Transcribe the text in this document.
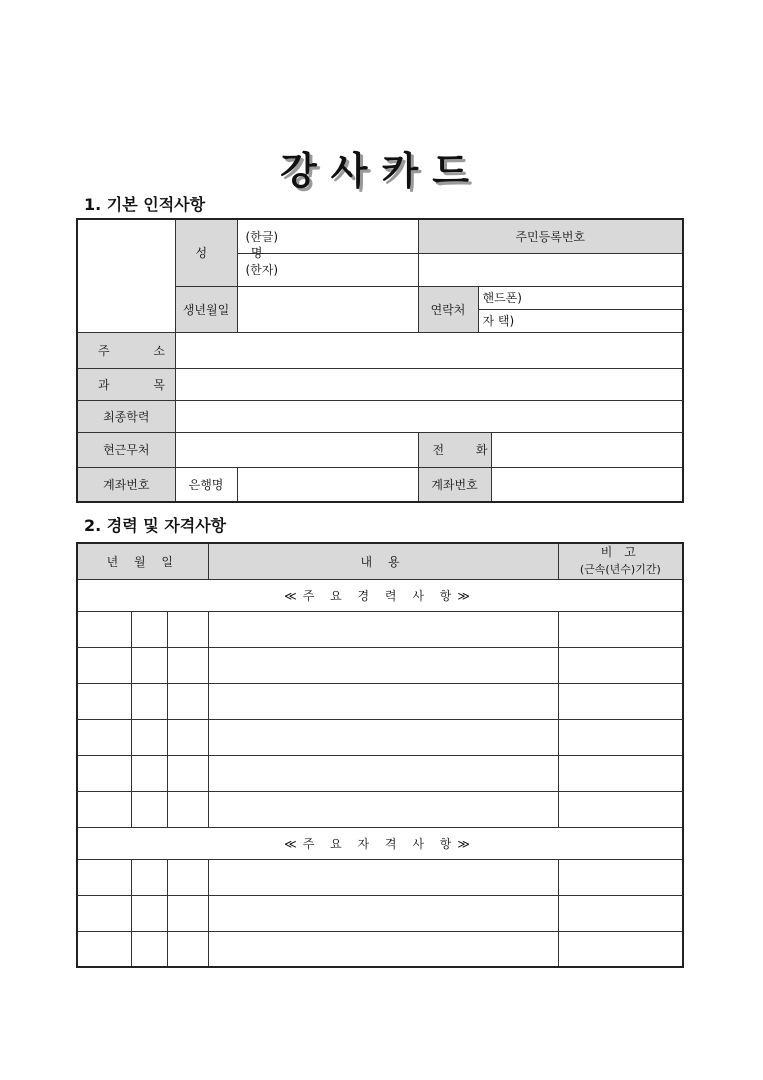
강사카드
1. 기본 인적사항
	성 명	(한글)	주민등록번호		
		(한자)			
	생년월일		연락처	핸드폰)	
				자 택)	
주 소					
과 목					
최종학력					
현근무처			전 화		
계좌번호	은행명		계좌번호		
2. 경력 및 자격사항
년 월 일			내 용	비 고
(근속(년수)기간)

≪주 요 경 력 사 항≫				

≪주 요 자 격 사 항≫				
